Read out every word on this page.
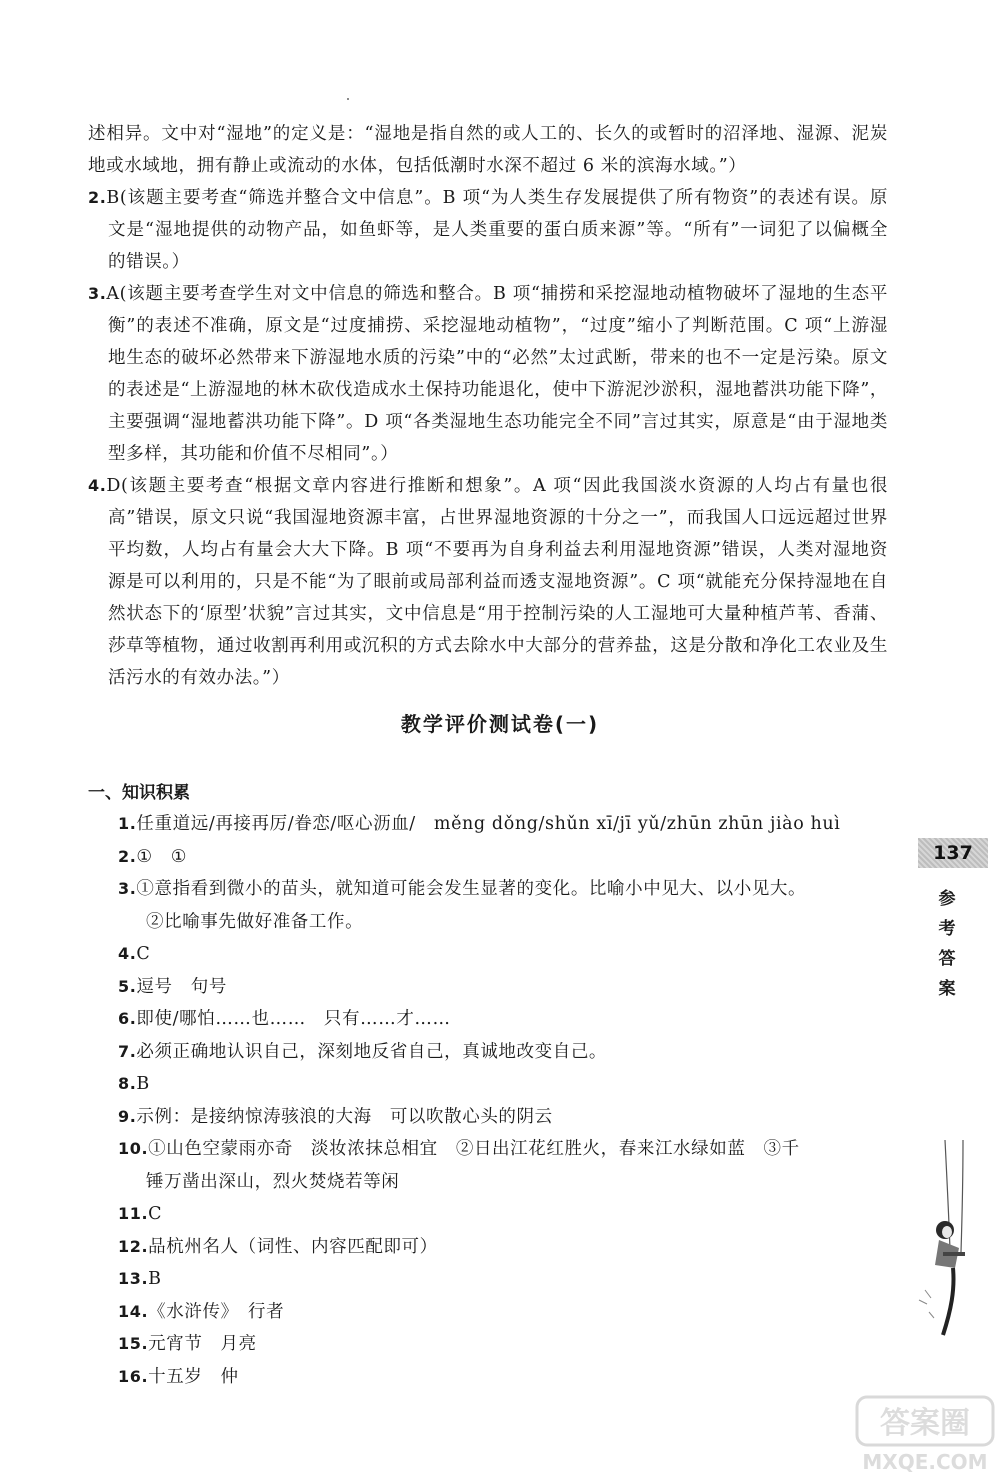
述相异。文中对“湿地”的定义是：“湿地是指自然的或人工的、长久的或暂时的沼泽地、湿源、泥炭地或水域地，拥有静止或流动的水体，包括低潮时水深不超过 6 米的滨海水域。”）

2.B(该题主要考查“筛选并整合文中信息”。B 项“为人类生存发展提供了所有物资”的表述有误。原文是“湿地提供的动物产品，如鱼虾等，是人类重要的蛋白质来源”等。“所有”一词犯了以偏概全的错误。）

3.A(该题主要考查学生对文中信息的筛选和整合。B 项“捕捞和采挖湿地动植物破坏了湿地的生态平衡”的表述不准确，原文是“过度捕捞、采挖湿地动植物”，“过度”缩小了判断范围。C 项“上游湿地生态的破坏必然带来下游湿地水质的污染”中的“必然”太过武断，带来的也不一定是污染。原文的表述是“上游湿地的林木砍伐造成水土保持功能退化，使中下游泥沙淤积，湿地蓄洪功能下降”，主要强调“湿地蓄洪功能下降”。D 项“各类湿地生态功能完全不同”言过其实，原意是“由于湿地类型多样，其功能和价值不尽相同”。）

4.D(该题主要考查“根据文章内容进行推断和想象”。A 项“因此我国淡水资源的人均占有量也很高”错误，原文只说“我国湿地资源丰富，占世界湿地资源的十分之一”，而我国人口远远超过世界平均数，人均占有量会大大下降。B 项“不要再为自身利益去利用湿地资源”错误，人类对湿地资源是可以利用的，只是不能“为了眼前或局部利益而透支湿地资源”。C 项“就能充分保持湿地在自然状态下的‘原型’状貌”言过其实，文中信息是“用于控制污染的人工湿地可大量种植芦苇、香蒲、莎草等植物，通过收割再利用或沉积的方式去除水中大部分的营养盐，这是分散和净化工农业及生活污水的有效办法。”）

教学评价测试卷(一)
一、知识积累

1.任重道远/再接再厉/眷恋/呕心沥血/　měng dǒng/shǔn xī/jī yǔ/zhūn zhūn jiào huì

2.①　①

3.①意指看到微小的苗头，就知道可能会发生显著的变化。比喻小中见大、以小见大。

②比喻事先做好准备工作。

4.C

5.逗号　句号

6.即使/哪怕……也……　只有……才……

7.必须正确地认识自己，深刻地反省自己，真诚地改变自己。

8.B

9.示例：是接纳惊涛骇浪的大海　可以吹散心头的阴云

10.①山色空蒙雨亦奇　淡妆浓抹总相宜　②日出江花红胜火，春来江水绿如蓝　③千

锤万凿出深山，烈火焚烧若等闲

11.C

12.品杭州名人（词性、内容匹配即可）

13.B

14.《水浒传》　行者

15.元宵节　月亮

16.十五岁　仲

137
参
考
答
案
答案圈
MXQE.COM
